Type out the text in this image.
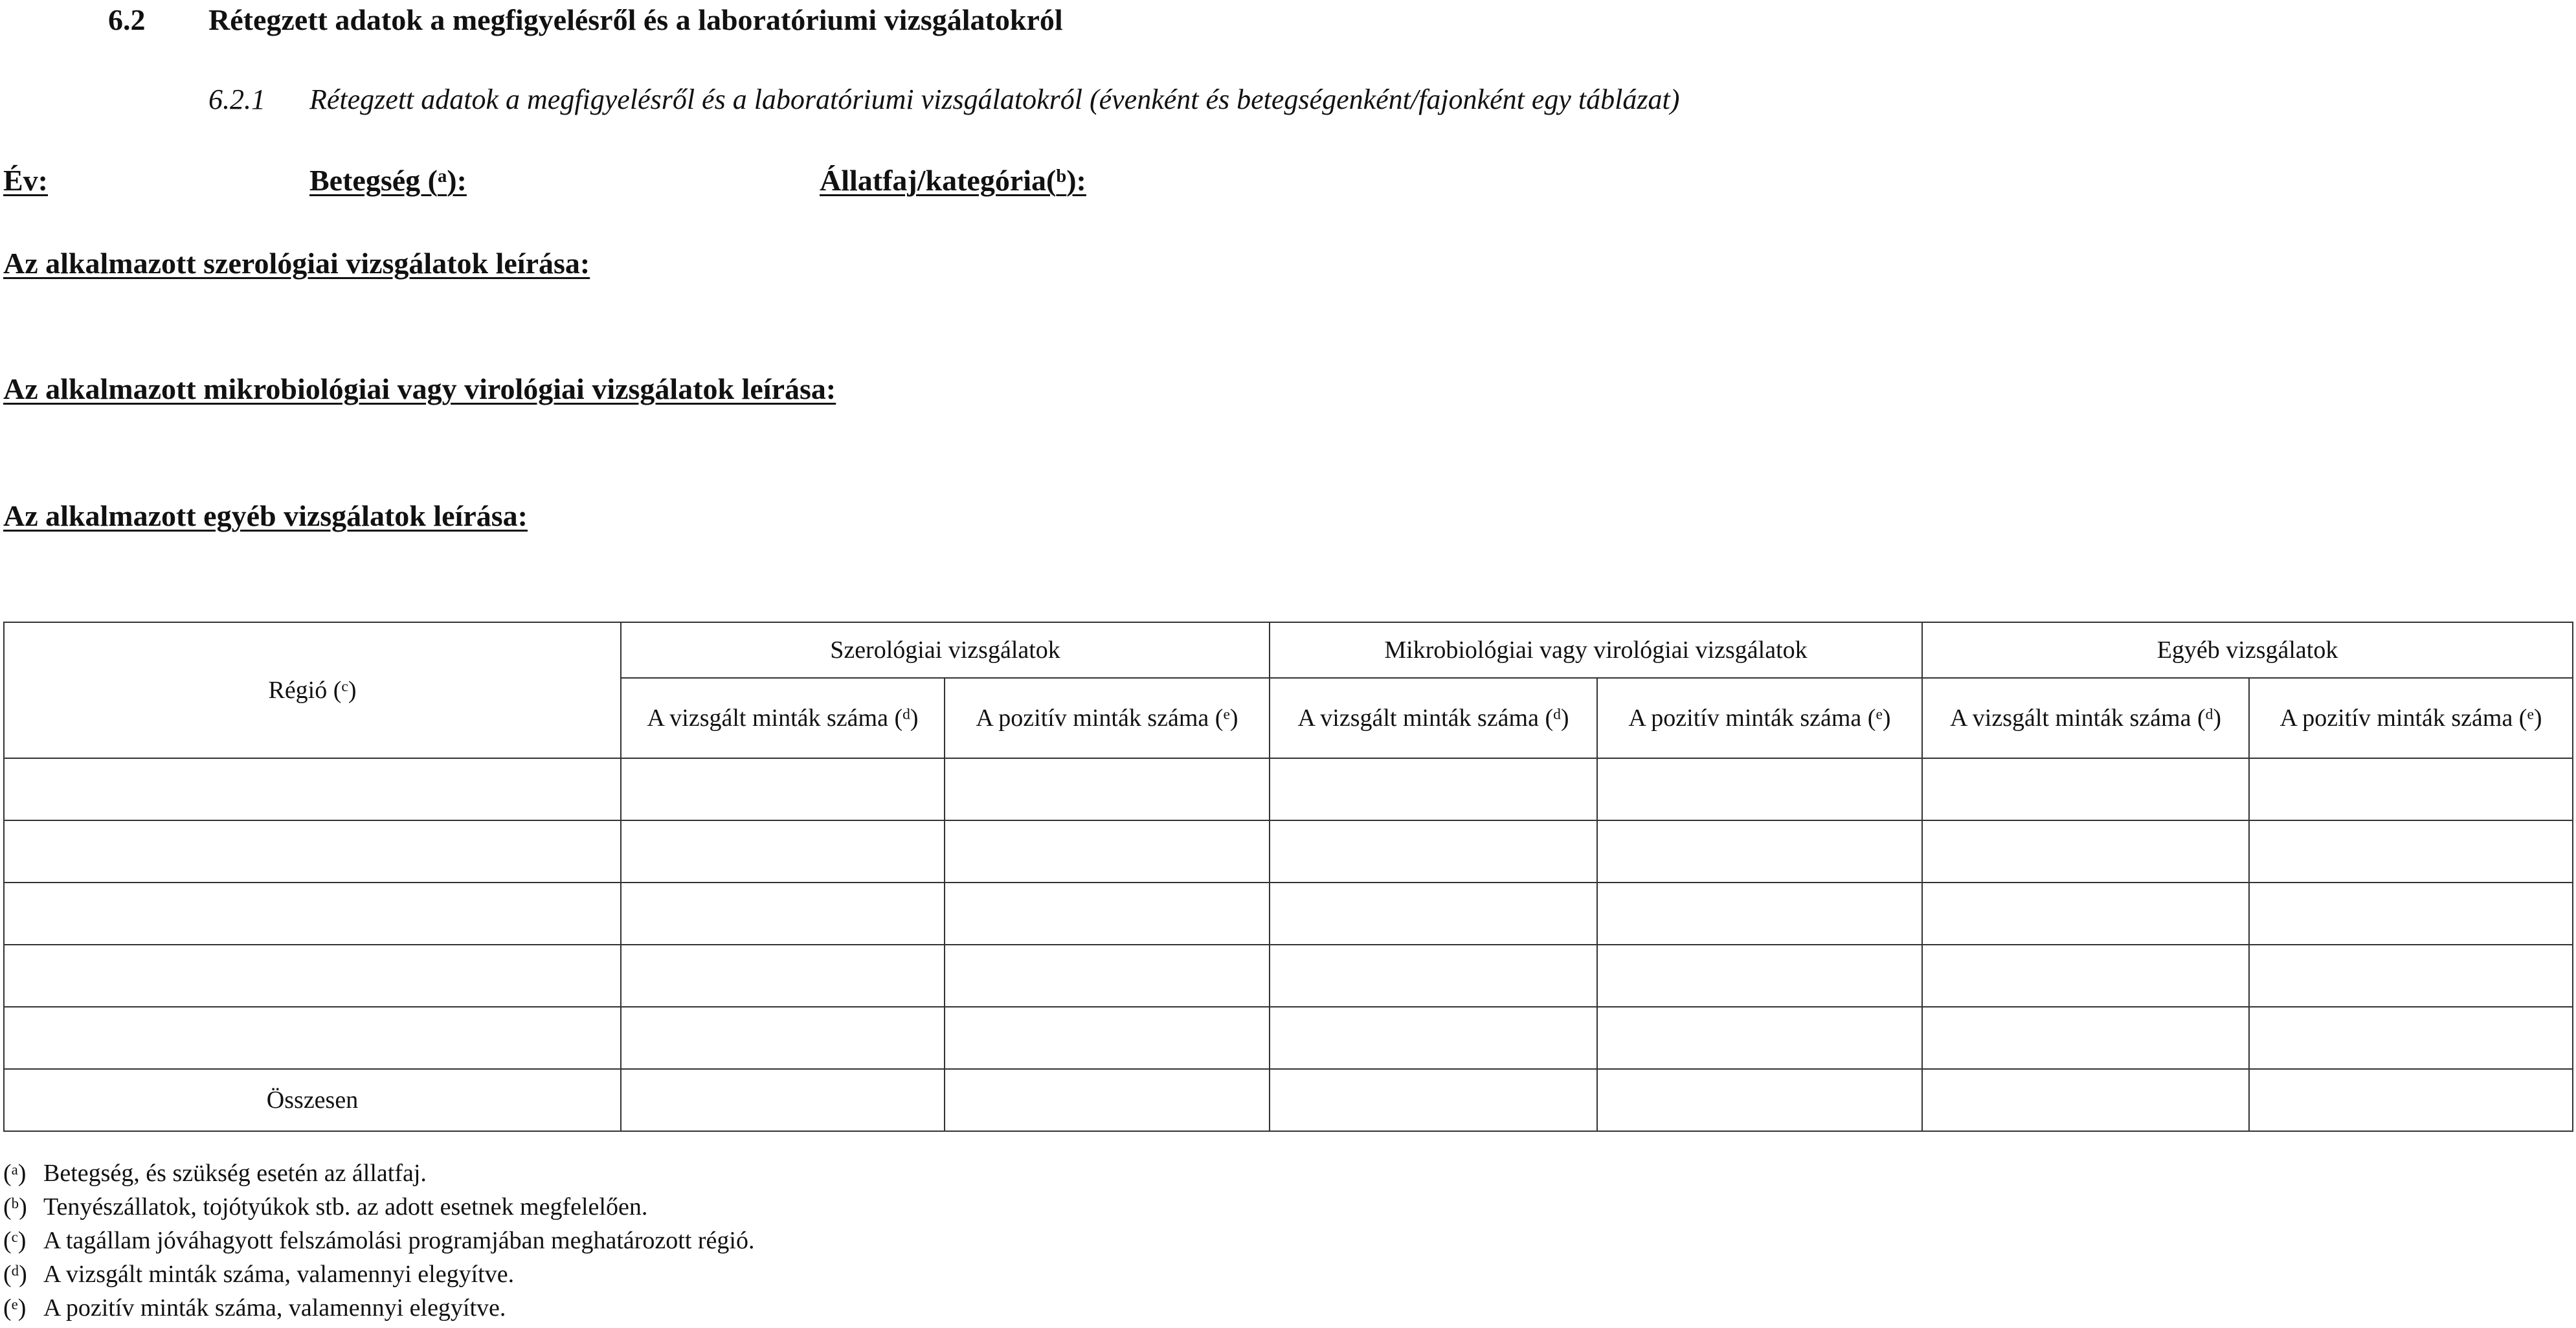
6.2 Rétegzett adatok a megfigyelésről és a laboratóriumi vizsgálatokról
6.2.1 Rétegzett adatok a megfigyelésről és a laboratóriumi vizsgálatokról (évenként és betegségenként/fajonként egy táblázat)
Év:	Betegség ($^a$):	Állatfaj/kategória($^b$):
Az alkalmazott szerológiai vizsgálatok leírása:
Az alkalmazott mikrobiológiai vagy virológiai vizsgálatok leírása:
Az alkalmazott egyéb vizsgálatok leírása:
Régió ($^c$)	Szerológiai vizsgálatok		Mikrobiológiai vagy virológiai vizsgálatok		Egyéb vizsgálatok	
	A vizsgált minták száma ($^d$)	A pozitív minták száma ($^e$)	A vizsgált minták száma ($^d$)	A pozitív minták száma ($^e$)	A vizsgált minták száma ($^d$)	A pozitív minták száma ($^e$)

Összesen						
($^a$) Betegség, és szükség esetén az állatfaj.
($^b$) Tenyészállatok, tojótyúkok stb. az adott esetnek megfelelően.
($^c$) A tagállam jóváhagyott felszámolási programjában meghatározott régió.
($^d$) A vizsgált minták száma, valamennyi elegyítve.
($^e$) A pozitív minták száma, valamennyi elegyítve.
